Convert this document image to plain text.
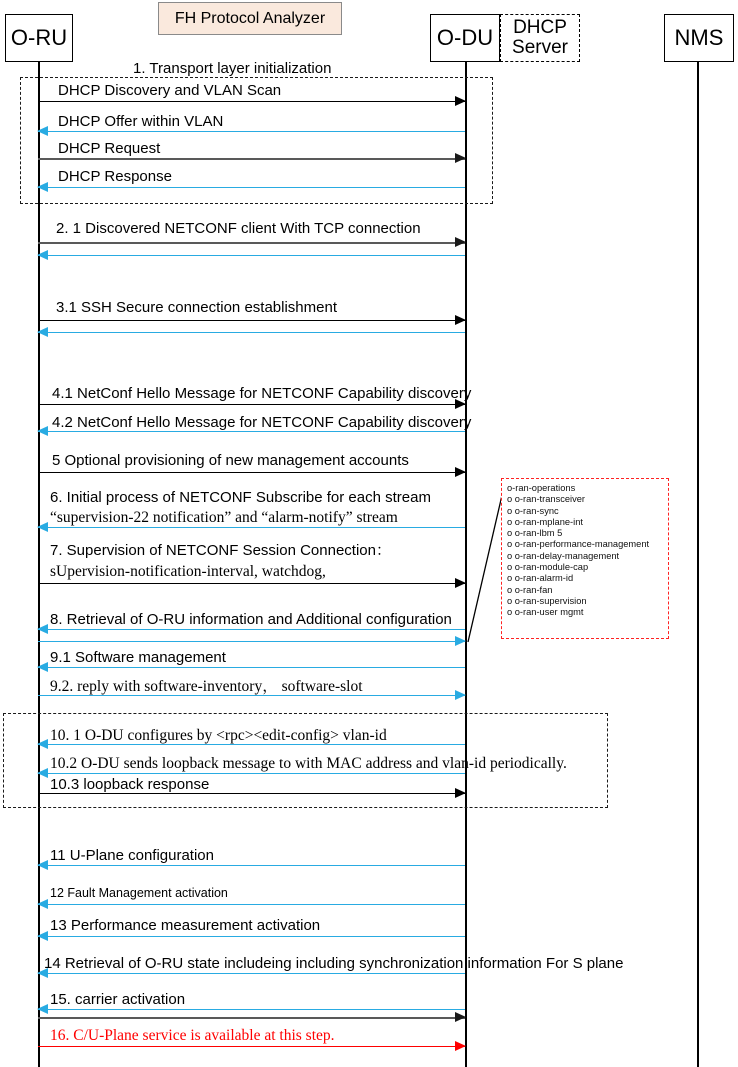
FH Protocol Analyzer
O-RU	O-DU	DHCP Server	NMS
1. Transport layer initialization
DHCP Discovery and VLAN Scan
DHCP Offer within VLAN
DHCP Request
DHCP Response
2. 1 Discovered NETCONF client With TCP connection
3.1 SSH Secure connection establishment
4.1 NetConf Hello Message for NETCONF Capability discovery
4.2 NetConf Hello Message for NETCONF Capability discovery
5 Optional provisioning of new management accounts
6. Initial process of NETCONF Subscribe for each stream
“supervision-22 notification” and “alarm-notify” stream
7. Supervision of NETCONF Session Connection：
sUpervision-notification-interval, watchdog,
8. Retrieval of O-RU information and Additional configuration
9.1 Software management
9.2. reply with software-inventory， software-slot
10. 1 O-DU configures by <rpc><edit-config> vlan-id
10.2 O-DU sends loopback message to with MAC address and vlan-id periodically.
10.3 loopback response
11 U-Plane configuration
12 Fault Management activation
13 Performance measurement activation
14 Retrieval of O-RU state includeing including synchronization information For S plane
15. carrier activation
16. C/U-Plane service is available at this step.
o-ran-operations
o o-ran-transceiver
o o-ran-sync
o o-ran-mplane-int
o o-ran-lbm 5
o o-ran-performance-management
o o-ran-delay-management
o o-ran-module-cap
o o-ran-alarm-id
o o-ran-fan
o o-ran-supervision
o o-ran-user mgmt
